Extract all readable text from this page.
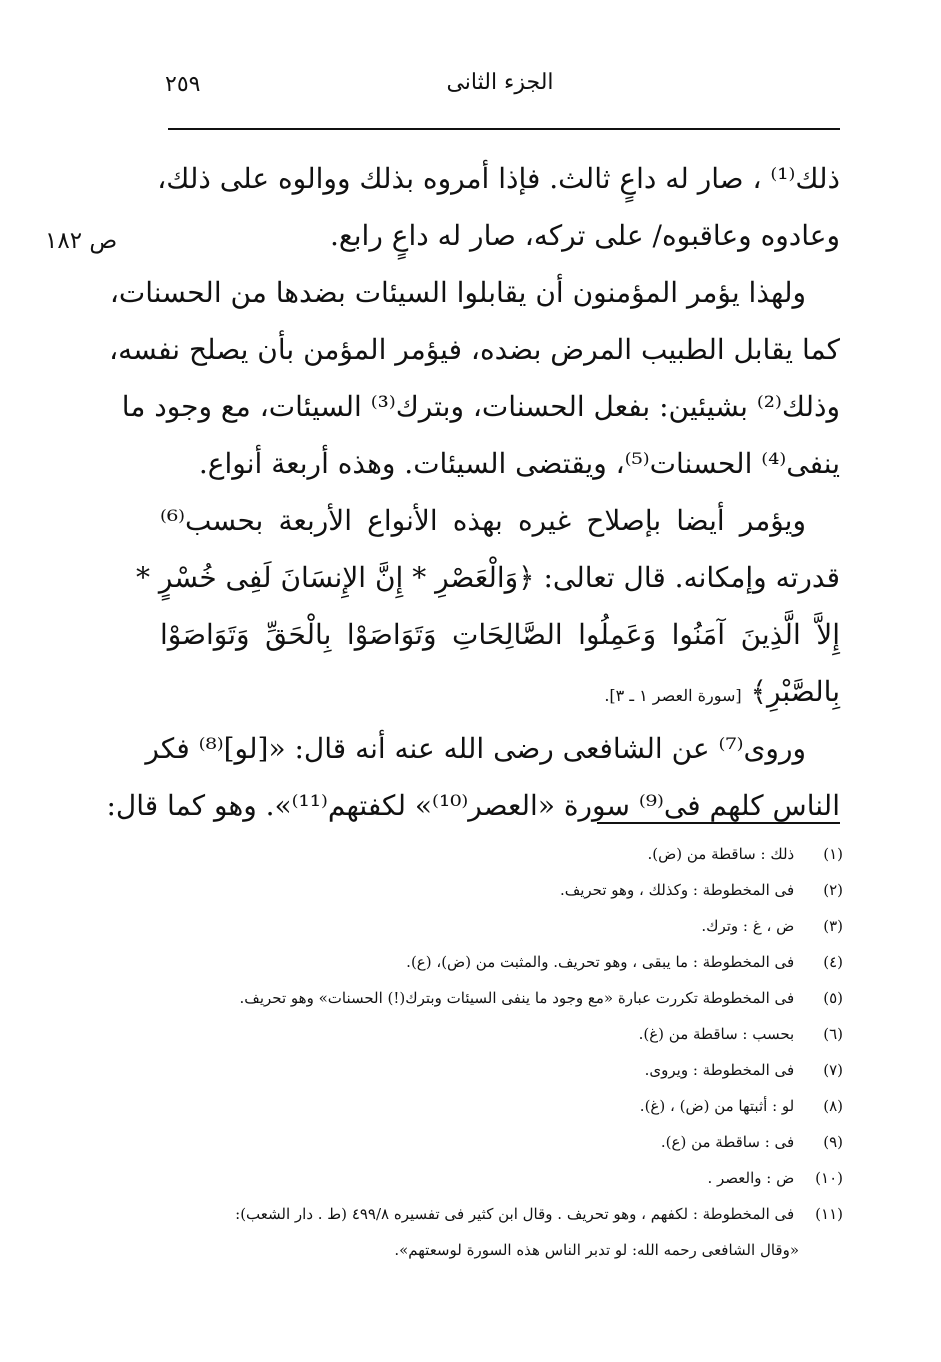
الجزء الثانى
٢٥٩
ص ١٨٢
ذلك⁽¹⁾ ، صار له داعٍ ثالث. فإذا أمروه بذلك ووالوه على ذلك،
وعادوه وعاقبوه/ على تركه، صار له داعٍ رابع.
ولهذا يؤمر المؤمنون أن يقابلوا السيئات بضدها من الحسنات،
كما يقابل الطبيب المرض بضده، فيؤمر المؤمن بأن يصلح نفسه،
وذلك⁽²⁾ بشيئين: بفعل الحسنات، وبترك⁽³⁾ السيئات، مع وجود ما
ينفى⁽⁴⁾ الحسنات⁽⁵⁾، ويقتضى السيئات. وهذه أربعة أنواع.
ويؤمر أيضا بإصلاح غيره بهذه الأنواع الأربعة بحسب⁽⁶⁾
قدرته وإمكانه. قال تعالى: ﴿وَالْعَصْرِ * إِنَّ الإِنسَانَ لَفِى خُسْرٍ *
إِلاَّ الَّذِينَ آمَنُوا وَعَمِلُوا الصَّالِحَاتِ وَتَوَاصَوْا بِالْحَقِّ وَتَوَاصَوْا
بِالصَّبْرِ﴾ [سورة العصر ١ ـ ٣].
وروى⁽⁷⁾ عن الشافعى رضى الله عنه أنه قال: «[لو]⁽⁸⁾ فكر
الناس كلهم فى⁽⁹⁾ سورة «العصر⁽¹⁰⁾» لكفتهم⁽¹¹⁾». وهو كما قال:
(١) ذلك : ساقطة من (ض).
(٢) فى المخطوطة : وكذلك ، وهو تحريف.
(٣) ض ، غ : وترك.
(٤) فى المخطوطة : ما يبقى ، وهو تحريف. والمثبت من (ض)، (ع).
(٥) فى المخطوطة تكررت عبارة «مع وجود ما ينفى السيئات وبترك(!) الحسنات» وهو تحريف.
(٦) بحسب : ساقطة من (غ).
(٧) فى المخطوطة : ويروى.
(٨) لو : أثبتها من (ض) ، (غ).
(٩) فى : ساقطة من (ع).
(١٠) ض : والعصر .
(١١) فى المخطوطة : لكفهم ، وهو تحريف . وقال ابن كثير فى تفسيره ٤٩٩/٨ (ط . دار الشعب):
«وقال الشافعى رحمه الله: لو تدبر الناس هذه السورة لوسعتهم».
